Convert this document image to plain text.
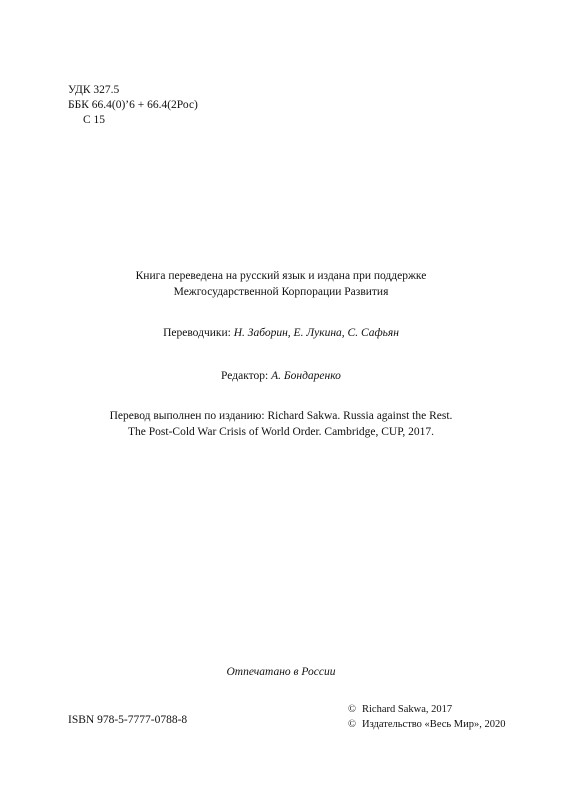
УДК 327.5
ББК 66.4(0)’6 + 66.4(2Рос)
С 15
Книга переведена на русский язык и издана при поддержке
Межгосударственной Корпорации Развития
Переводчики: Н. Заборин, Е. Лукина, С. Сафьян
Редактор: А. Бондаренко
Перевод выполнен по изданию: Richard Sakwa. Russia against the Rest.
The Post-Cold War Crisis of World Order. Cambridge, CUP, 2017.
Отпечатано в России
ISBN 978-5-7777-0788-8
© Richard Sakwa, 2017
© Издательство «Весь Мир», 2020
